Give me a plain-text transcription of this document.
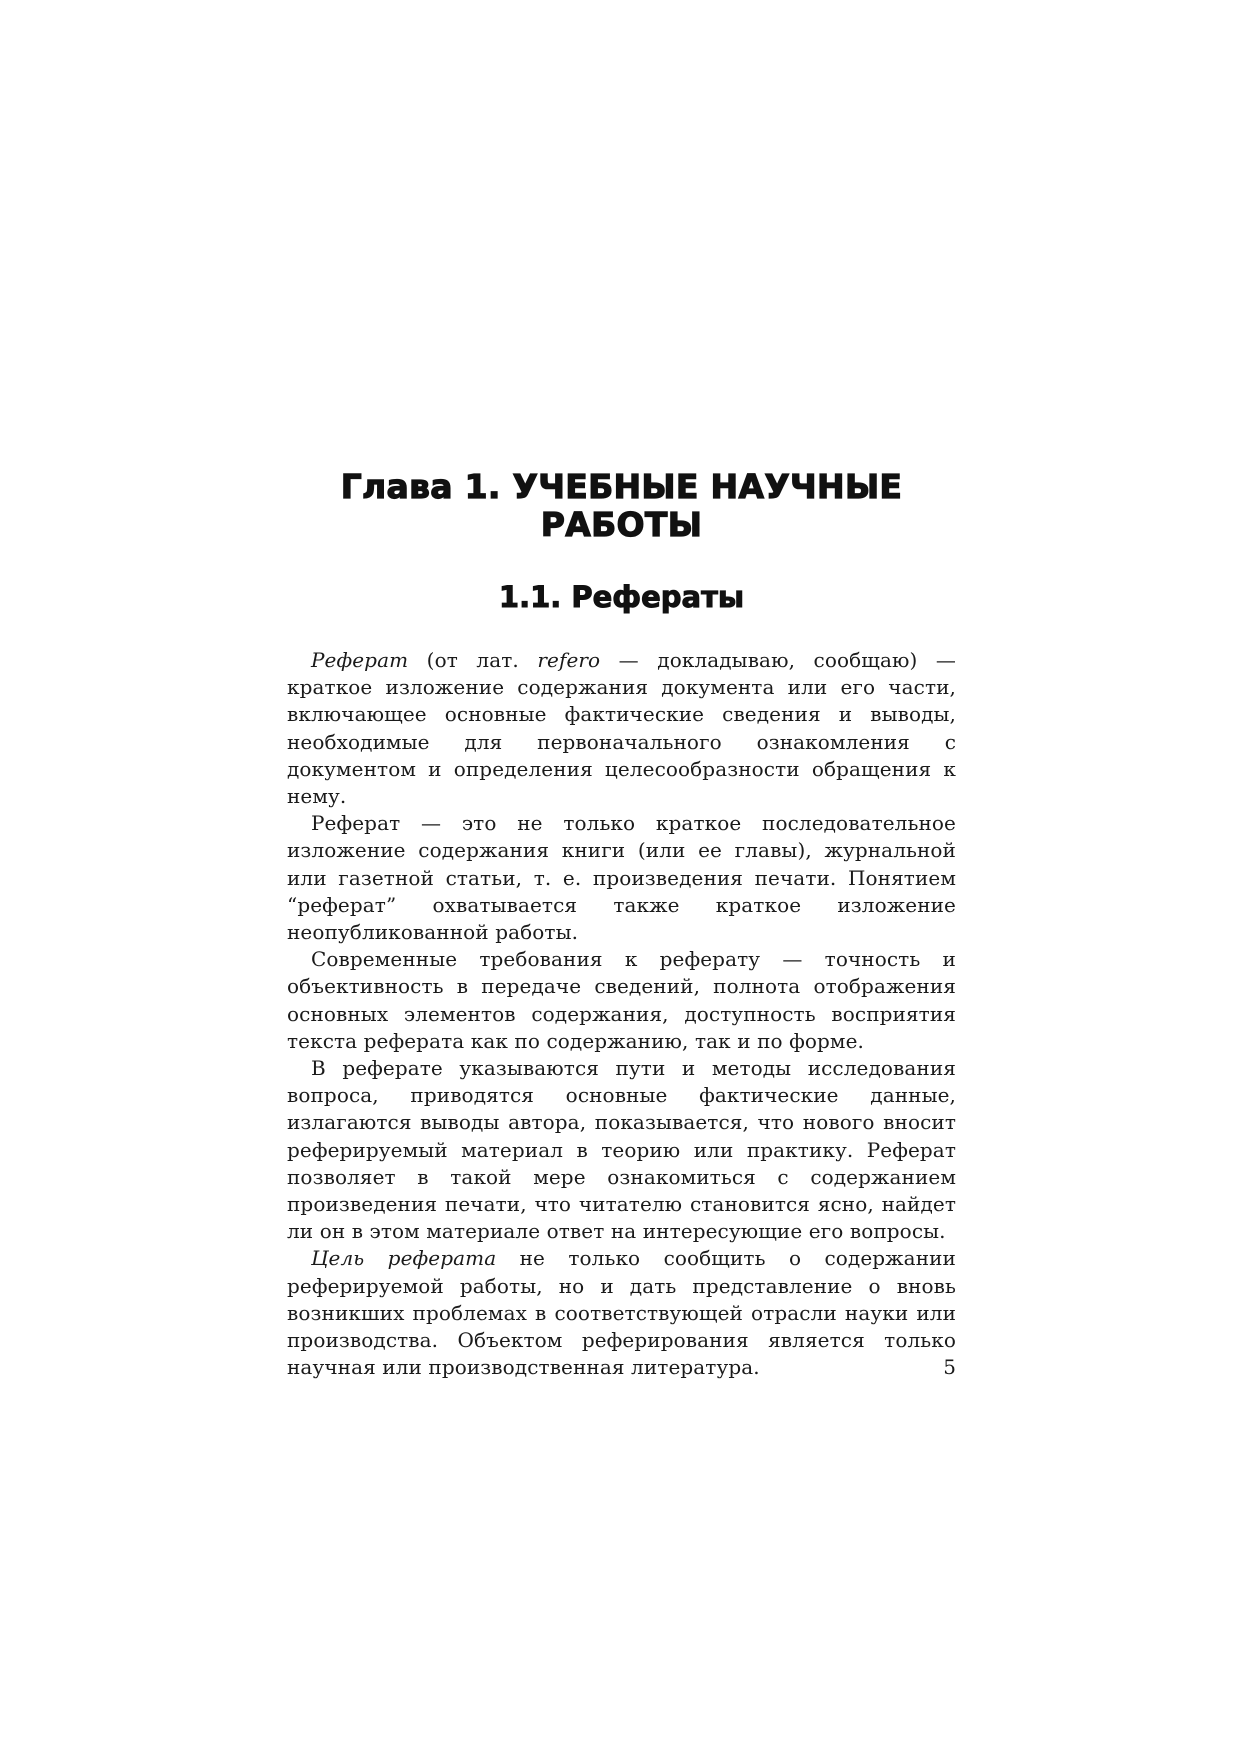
Глава 1. УЧЕБНЫЕ НАУЧНЫЕ
РАБОТЫ
1.1. Рефераты

Реферат (от лат. refero — докладываю, сообщаю) — краткое изложение содержания документа или его части, включающее основные фактические сведения и выводы, необходимые для первоначального ознакомления с документом и определения целесообразности обращения к нему.

Реферат — это не только краткое последовательное изложение содержания книги (или ее главы), журнальной или газетной статьи, т. е. произведения печати. Понятием “реферат” охватывается также краткое изложение неопубликованной работы.

Современные требования к реферату — точность и объективность в передаче сведений, полнота отображения основных элементов содержания, доступность восприятия текста реферата как по содержанию, так и по форме.

В реферате указываются пути и методы исследования вопроса, приводятся основные фактические данные, излагаются выводы автора, показывается, что нового вносит реферируемый материал в теорию или практику. Реферат позволяет в такой мере ознакомиться с содержанием произведения печати, что читателю становится ясно, найдет ли он в этом материале ответ на интересующие его вопросы.

Цель реферата не только сообщить о содержании реферируемой работы, но и дать представление о вновь возникших проблемах в соответствующей отрасли науки или производства. Объектом реферирования является только научная или производственная литература.	5
